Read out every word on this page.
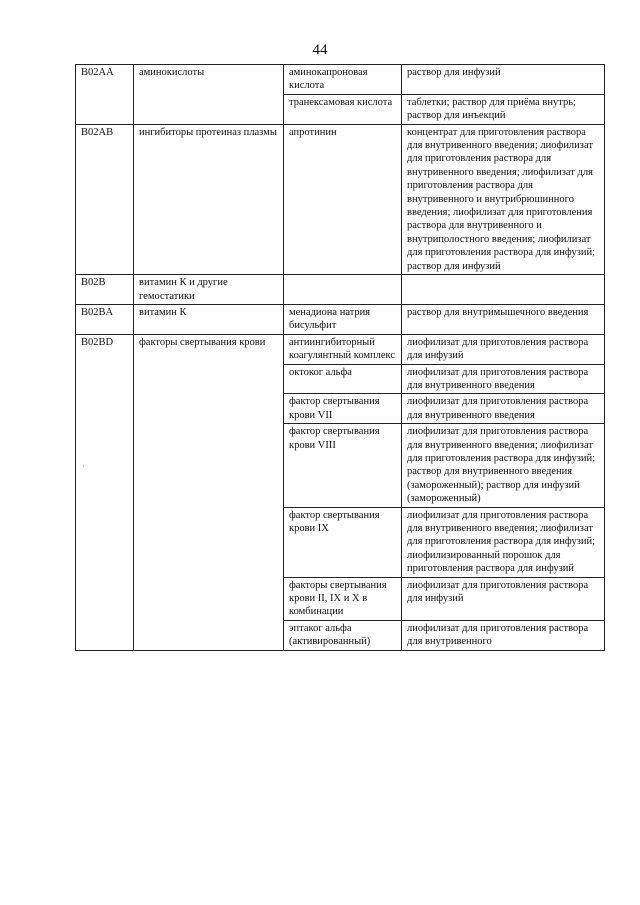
44
B02AA	аминокислоты	аминокапроновая кислота	раствор для инфузий
		транексамовая кислота	таблетки; раствор для приёма внутрь; раствор для инъекций
B02AB	ингибиторы протеиназ плазмы	апротинин	концентрат для приготовления раствора для внутривенного введения; лиофилизат для приготовления раствора для внутривенного введения; лиофилизат для приготовления раствора для внутривенного и внутрибрюшинного введения; лиофилизат для приготовления раствора для внутривенного и внутриполостного введения; лиофилизат для приготовления раствора для инфузий; раствор для инфузий
B02B	витамин К и другие гемостатики		
B02BA	витамин К	менадиона натрия бисульфит	раствор для внутримышечного введения
B02BD	факторы свертывания крови	антиингибиторный коагулянтный комплекс	лиофилизат для приготовления раствора для инфузий
		октоког альфа	лиофилизат для приготовления раствора для внутривенного введения
		фактор свертывания крови VII	лиофилизат для приготовления раствора для внутривенного введения
		фактор свертывания крови VIII	лиофилизат для приготовления раствора для внутривенного введения; лиофилизат для приготовления раствора для инфузий; раствор для внутривенного введения (замороженный); раствор для инфузий (замороженный)
		фактор свертывания крови IX	лиофилизат для приготовления раствора для внутривенного введения; лиофилизат для приготовления раствора для инфузий; лиофилизированный порошок для приготовления раствора для инфузий
		факторы свертывания крови II, IX и X в комбинации	лиофилизат для приготовления раствора для инфузий
		эптаког альфа (активированный)	лиофилизат для приготовления раствора для внутривенного
·
